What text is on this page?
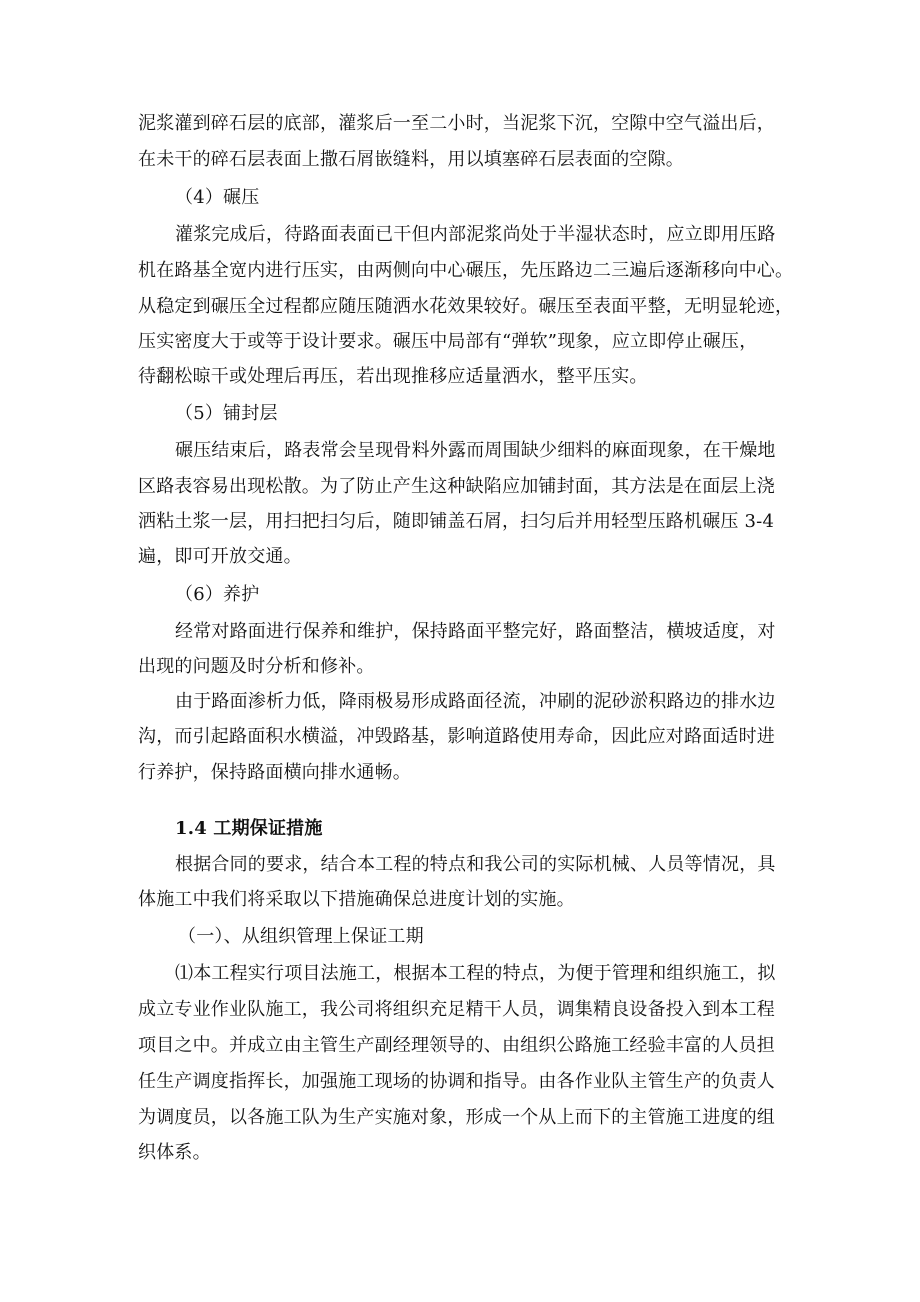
泥浆灌到碎石层的底部，灌浆后一至二小时，当泥浆下沉，空隙中空气溢出后，

在未干的碎石层表面上撒石屑嵌缝料，用以填塞碎石层表面的空隙。

（4）碾压

灌浆完成后，待路面表面已干但内部泥浆尚处于半湿状态时，应立即用压路

机在路基全宽内进行压实，由两侧向中心碾压，先压路边二三遍后逐渐移向中心。

从稳定到碾压全过程都应随压随洒水花效果较好。碾压至表面平整，无明显轮迹，

压实密度大于或等于设计要求。碾压中局部有“弹软”现象，应立即停止碾压，

待翻松晾干或处理后再压，若出现推移应适量洒水，整平压实。

（5）铺封层

碾压结束后，路表常会呈现骨料外露而周围缺少细料的麻面现象，在干燥地

区路表容易出现松散。为了防止产生这种缺陷应加铺封面，其方法是在面层上浇

洒粘土浆一层，用扫把扫匀后，随即铺盖石屑，扫匀后并用轻型压路机碾压 3-4

遍，即可开放交通。

（6）养护

经常对路面进行保养和维护，保持路面平整完好，路面整洁，横坡适度，对

出现的问题及时分析和修补。

由于路面渗析力低，降雨极易形成路面径流，冲刷的泥砂淤积路边的排水边

沟，而引起路面积水横溢，冲毁路基，影响道路使用寿命，因此应对路面适时进

行养护，保持路面横向排水通畅。

1.4 工期保证措施

根据合同的要求，结合本工程的特点和我公司的实际机械、人员等情况，具

体施工中我们将采取以下措施确保总进度计划的实施。

（一）、从组织管理上保证工期

⑴本工程实行项目法施工，根据本工程的特点，为便于管理和组织施工，拟

成立专业作业队施工，我公司将组织充足精干人员，调集精良设备投入到本工程

项目之中。并成立由主管生产副经理领导的、由组织公路施工经验丰富的人员担

任生产调度指挥长，加强施工现场的协调和指导。由各作业队主管生产的负责人

为调度员，以各施工队为生产实施对象，形成一个从上而下的主管施工进度的组

织体系。
